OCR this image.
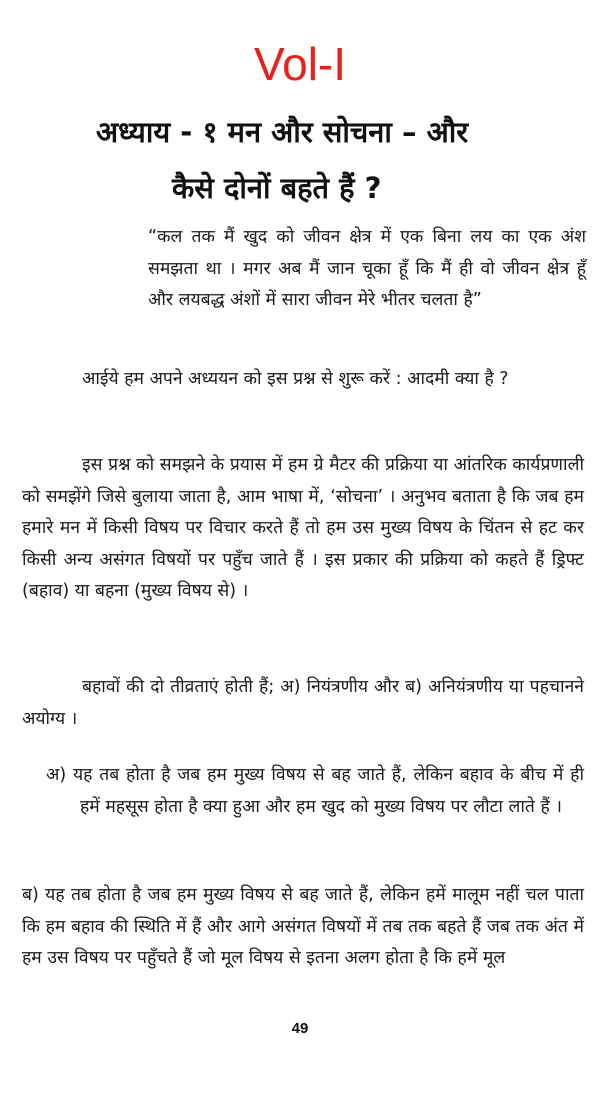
Vol-I
अध्याय - १ मन और सोचना – और
कैसे दोनों बहते हैं ?
“कल तक मैं खुद को जीवन क्षेत्र में एक बिना लय का एक अंश समझता था । मगर अब मैं जान चूका हूँ कि मैं ही वो जीवन क्षेत्र हूँ और लयबद्ध अंशों में सारा जीवन मेरे भीतर चलता है”

आईये हम अपने अध्ययन को इस प्रश्न से शुरू करें : आदमी क्या है ?

इस प्रश्न को समझने के प्रयास में हम ग्रे मैटर की प्रक्रिया या आंतरिक कार्यप्रणाली को समझेंगे जिसे बुलाया जाता है, आम भाषा में, ‘सोचना’ । अनुभव बताता है कि जब हम हमारे मन में किसी विषय पर विचार करते हैं तो हम उस मुख्य विषय के चिंतन से हट कर किसी अन्य असंगत विषयों पर पहुँच जाते हैं । इस प्रकार की प्रक्रिया को कहते हैं ड्रिफ्ट (बहाव) या बहना (मुख्य विषय से) ।

बहावों की दो तीव्रताएं होती हैं; अ) नियंत्रणीय और ब) अनियंत्रणीय या पहचानने अयोग्य ।

अ) यह तब होता है जब हम मुख्य विषय से बह जाते हैं, लेकिन बहाव के बीच में ही हमें महसूस होता है क्या हुआ और हम खुद को मुख्य विषय पर लौटा लाते हैं ।

ब) यह तब होता है जब हम मुख्य विषय से बह जाते हैं, लेकिन हमें मालूम नहीं चल पाता कि हम बहाव की स्थिति में हैं और आगे असंगत विषयों में तब तक बहते हैं जब तक अंत में हम उस विषय पर पहुँचते हैं जो मूल विषय से इतना अलग होता है कि हमें मूल

49
